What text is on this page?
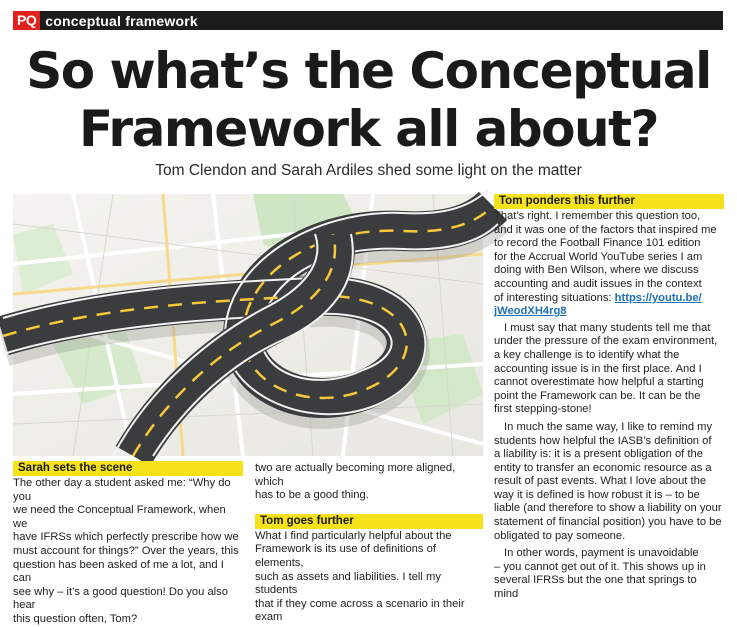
PQ conceptual framework
So what’s the Conceptual
Framework all about?
Tom Clendon and Sarah Ardiles shed some light on the matter
Sarah sets the scene

The other day a student asked me: “Why do you
we need the Conceptual Framework, when we
have IFRSs which perfectly prescribe how we
must account for things?” Over the years, this
question has been asked of me a lot, and I can
see why – it’s a good question! Do you also hear
this question often, Tom?

two are actually becoming more aligned, which
has to be a good thing.

Tom goes further

What I find particularly helpful about the
Framework is its use of definitions of elements,
such as assets and liabilities. I tell my students
that if they come across a scenario in their exam

Tom ponders this further

That’s right. I remember this question too,
and it was one of the factors that inspired me
to record the Football Finance 101 edition
for the Accrual World YouTube series I am
doing with Ben Wilson, where we discuss
accounting and audit issues in the context
of interesting situations: https://youtu.be/
jWeodXH4rg8

I must say that many students tell me that
under the pressure of the exam environment,
a key challenge is to identify what the
accounting issue is in the first place. And I
cannot overestimate how helpful a starting
point the Framework can be. It can be the
first stepping-stone!

In much the same way, I like to remind my
students how helpful the IASB’s definition of
a liability is: it is a present obligation of the
entity to transfer an economic resource as a
result of past events. What I love about the
way it is defined is how robust it is – to be
liable (and therefore to show a liability on your
statement of financial position) you have to be
obligated to pay someone.

In other words, payment is unavoidable
– you cannot get out of it. This shows up in
several IFRSs but the one that springs to mind
